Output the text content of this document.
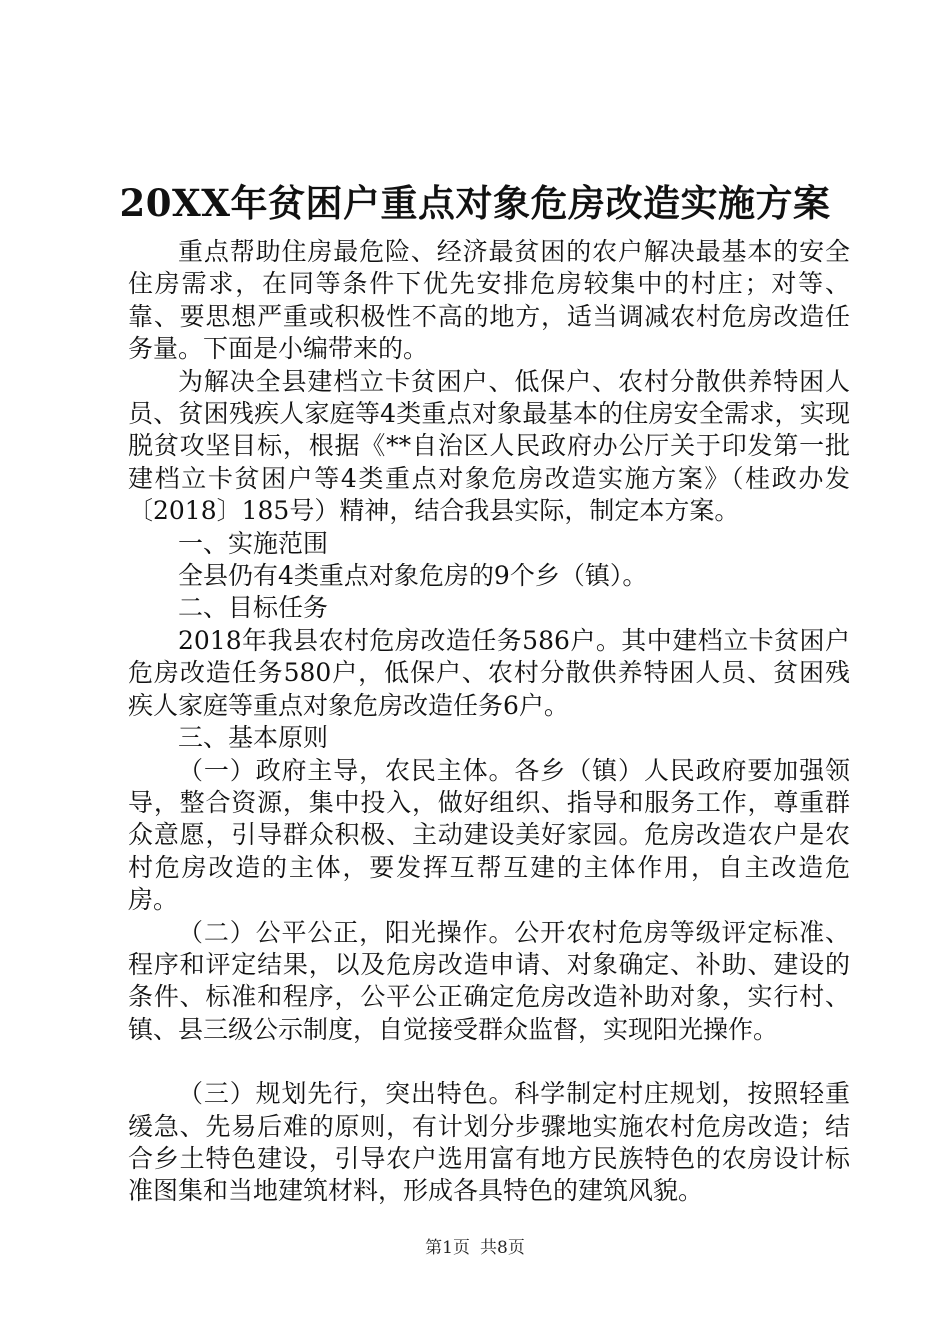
20XX年贫困户重点对象危房改造实施方案

重点帮助住房最危险、经济最贫困的农户解决最基本的安全住房需求，在同等条件下优先安排危房较集中的村庄；对等、靠、要思想严重或积极性不高的地方，适当调减农村危房改造任务量。下面是小编带来的。

为解决全县建档立卡贫困户、低保户、农村分散供养特困人员、贫困残疾人家庭等4类重点对象最基本的住房安全需求，实现脱贫攻坚目标，根据《**自治区人民政府办公厅关于印发第一批建档立卡贫困户等4类重点对象危房改造实施方案》（桂政办发〔2018〕185号）精神，结合我县实际，制定本方案。

一、实施范围

全县仍有4类重点对象危房的9个乡（镇）。

二、目标任务

2018年我县农村危房改造任务586户。其中建档立卡贫困户危房改造任务580户，低保户、农村分散供养特困人员、贫困残疾人家庭等重点对象危房改造任务6户。

三、基本原则

（一）政府主导，农民主体。各乡（镇）人民政府要加强领导，整合资源，集中投入，做好组织、指导和服务工作，尊重群众意愿，引导群众积极、主动建设美好家园。危房改造农户是农村危房改造的主体，要发挥互帮互建的主体作用，自主改造危房。

（二）公平公正，阳光操作。公开农村危房等级评定标准、程序和评定结果，以及危房改造申请、对象确定、补助、建设的条件、标准和程序，公平公正确定危房改造补助对象，实行村、镇、县三级公示制度，自觉接受群众监督，实现阳光操作。

（三）规划先行，突出特色。科学制定村庄规划，按照轻重缓急、先易后难的原则，有计划分步骤地实施农村危房改造；结合乡土特色建设，引导农户选用富有地方民族特色的农房设计标准图集和当地建筑材料，形成各具特色的建筑风貌。

第1页 共8页
